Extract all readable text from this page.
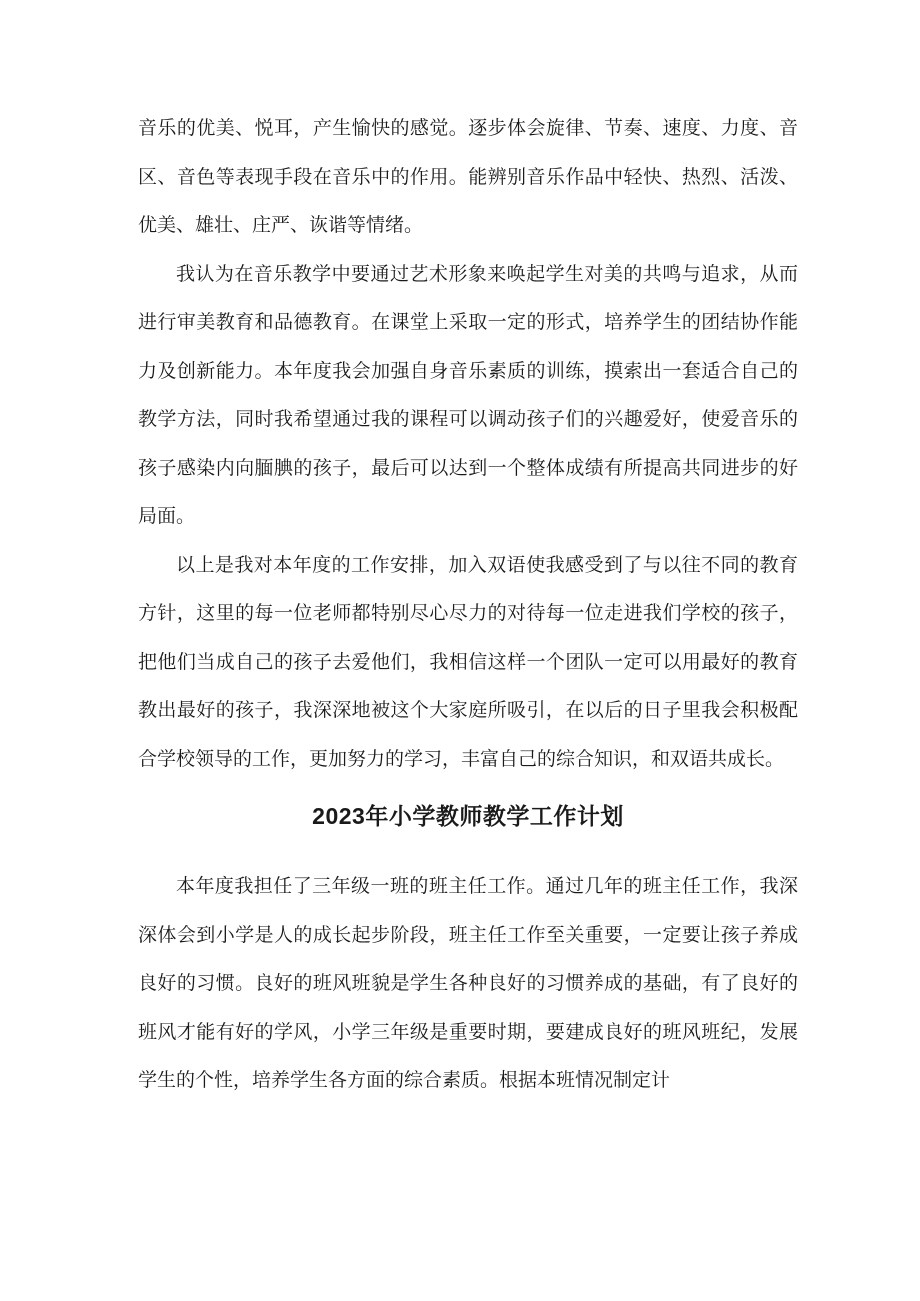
音乐的优美、悦耳，产生愉快的感觉。逐步体会旋律、节奏、速度、力度、音区、音色等表现手段在音乐中的作用。能辨别音乐作品中轻快、热烈、活泼、优美、雄壮、庄严、诙谐等情绪。

我认为在音乐教学中要通过艺术形象来唤起学生对美的共鸣与追求，从而进行审美教育和品德教育。在课堂上采取一定的形式，培养学生的团结协作能力及创新能力。本年度我会加强自身音乐素质的训练，摸索出一套适合自己的教学方法，同时我希望通过我的课程可以调动孩子们的兴趣爱好，使爱音乐的孩子感染内向腼腆的孩子，最后可以达到一个整体成绩有所提高共同进步的好局面。

以上是我对本年度的工作安排，加入双语使我感受到了与以往不同的教育方针，这里的每一位老师都特别尽心尽力的对待每一位走进我们学校的孩子，把他们当成自己的孩子去爱他们，我相信这样一个团队一定可以用最好的教育教出最好的孩子，我深深地被这个大家庭所吸引，在以后的日子里我会积极配合学校领导的工作，更加努力的学习，丰富自己的综合知识，和双语共成长。

2023年小学教师教学工作计划

本年度我担任了三年级一班的班主任工作。通过几年的班主任工作，我深深体会到小学是人的成长起步阶段，班主任工作至关重要，一定要让孩子养成良好的习惯。良好的班风班貌是学生各种良好的习惯养成的基础，有了良好的班风才能有好的学风，小学三年级是重要时期，要建成良好的班风班纪，发展学生的个性，培养学生各方面的综合素质。根据本班情况制定计
